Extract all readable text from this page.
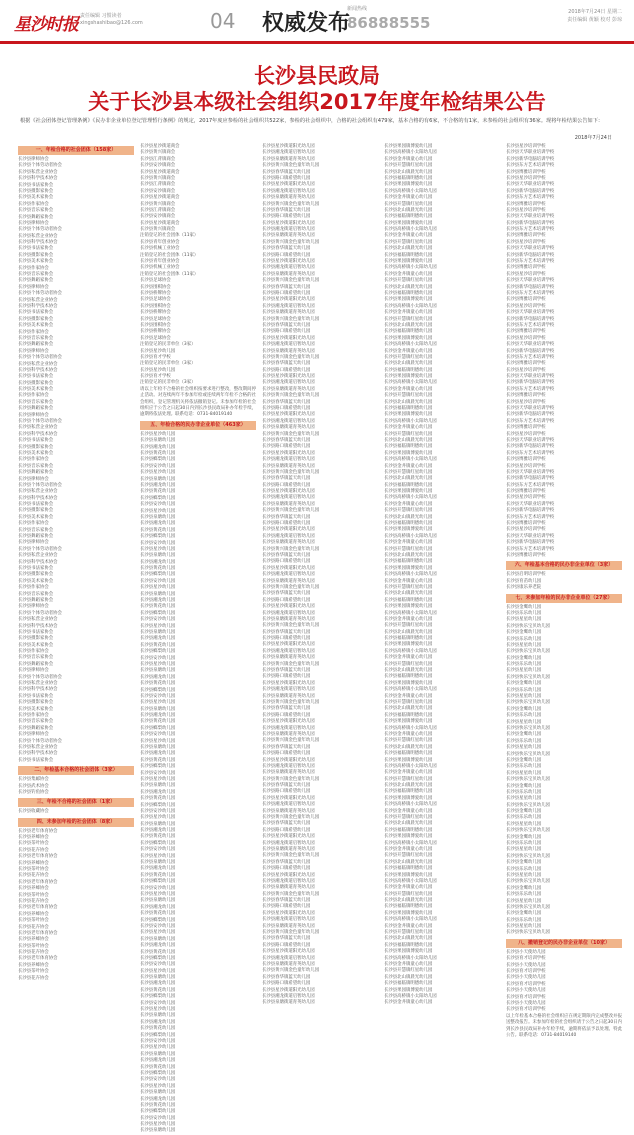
星沙时报 责任编辑 习惯读者
xingshashibao@126.com	04 权威发布
新闻热线
86888555
2018年7月24日 星期二
责任编辑 黄颖 校对 彭琼
长沙县民政局
关于长沙县本级社会组织2017年度年检结果公告
根据《社会团体登记管理条例》《民办非企业单位登记管理暂行条例》的规定，2017年度应参检的社会组织共522家，参检的社会组织中，合格的社会组织有479家，基本合格的有6家，不合格的有1家，未参检的社会组织有36家。现将年检结果公告如下：
2018年7月24日
一、年检合格的社会团体（158家）
长沙县律师协会
长沙县个体劳动者协会
长沙县私营企业协会
长沙县科学技术协会
长沙县书法家协会
长沙县摄影家协会
长沙县美术家协会
长沙县作家协会
长沙县音乐家协会
长沙县舞蹈家协会
长沙县律师协会
长沙县个体劳动者协会
长沙县私营企业协会
长沙县科学技术协会
长沙县书法家协会
长沙县摄影家协会
长沙县美术家协会
长沙县作家协会
长沙县音乐家协会
长沙县舞蹈家协会
长沙县律师协会
长沙县个体劳动者协会
长沙县私营企业协会
长沙县科学技术协会
长沙县书法家协会
长沙县摄影家协会
长沙县美术家协会
长沙县作家协会
长沙县音乐家协会
长沙县舞蹈家协会
长沙县律师协会
长沙县个体劳动者协会
长沙县私营企业协会
长沙县科学技术协会
长沙县书法家协会
长沙县摄影家协会
长沙县美术家协会
长沙县作家协会
长沙县音乐家协会
长沙县舞蹈家协会
长沙县律师协会
长沙县个体劳动者协会
长沙县私营企业协会
长沙县科学技术协会
长沙县书法家协会
长沙县摄影家协会
长沙县美术家协会
长沙县作家协会
长沙县音乐家协会
长沙县舞蹈家协会
长沙县律师协会
长沙县个体劳动者协会
长沙县私营企业协会
长沙县科学技术协会
长沙县书法家协会
长沙县摄影家协会
长沙县美术家协会
长沙县作家协会
长沙县音乐家协会
长沙县舞蹈家协会
长沙县律师协会
长沙县个体劳动者协会
长沙县私营企业协会
长沙县科学技术协会
长沙县书法家协会
长沙县摄影家协会
长沙县美术家协会
长沙县作家协会
长沙县音乐家协会
长沙县舞蹈家协会
长沙县律师协会
长沙县个体劳动者协会
长沙县私营企业协会
长沙县科学技术协会
长沙县书法家协会
长沙县摄影家协会
长沙县美术家协会
长沙县作家协会
长沙县音乐家协会
长沙县舞蹈家协会
长沙县律师协会
长沙县个体劳动者协会
长沙县私营企业协会
长沙县科学技术协会
长沙县书法家协会
长沙县摄影家协会
长沙县美术家协会
长沙县作家协会
长沙县音乐家协会
长沙县舞蹈家协会
长沙县律师协会
长沙县个体劳动者协会
长沙县私营企业协会
长沙县科学技术协会
长沙县书法家协会
二、年检基本合格的社会团体（3家）
长沙县集邮协会
长沙县武术协会
长沙县钓鱼协会
三、年检不合格的社会团体（1家）
长沙县收藏协会
四、未参加年检的社会团体（8家）
长沙县老年体育协会
长沙县养蜂协会
长沙县茶叶协会
长沙县花卉协会
长沙县老年体育协会
长沙县养蜂协会
长沙县茶叶协会
长沙县花卉协会
长沙县老年体育协会
长沙县养蜂协会
长沙县茶叶协会
长沙县花卉协会
长沙县老年体育协会
长沙县养蜂协会
长沙县茶叶协会
长沙县花卉协会
长沙县老年体育协会
长沙县养蜂协会
长沙县茶叶协会
长沙县花卉协会
长沙县老年体育协会
长沙县养蜂协会
长沙县茶叶协会
长沙县花卉协会
长沙县星沙街道商会
长沙县黄兴镇商会
长沙县江背镇商会
长沙县安沙镇商会
长沙县星沙街道商会
长沙县黄兴镇商会
长沙县江背镇商会
长沙县安沙镇商会
长沙县星沙街道商会
长沙县黄兴镇商会
长沙县江背镇商会
长沙县安沙镇商会
长沙县星沙街道商会
长沙县黄兴镇商会
注销登记的社会团体（11家）
长沙县青年创业协会
长沙县机械工业协会
注销登记的社会团体（11家）
长沙县青年创业协会
长沙县机械工业协会
注销登记的社会团体（11家）
长沙县足球协会
长沙县围棋协会
长沙县桥牌协会
长沙县足球协会
长沙县围棋协会
长沙县桥牌协会
长沙县足球协会
长沙县围棋协会
长沙县桥牌协会
长沙县足球协会
注销登记的民非单位（3家）
长沙县星沙幼儿园
长沙县育才学校
注销登记的民非单位（3家）
长沙县星沙幼儿园
长沙县育才学校
注销登记的民非单位（3家）
请以上年检不合格的社会组织按要求进行整改，整改期间停止活动。对连续两年不参加年检或连续两年年检不合格的社会组织，登记管理机关将依法撤销登记。未参加年检的社会组织应于公告之日起30日内到长沙县民政局补办年检手续，逾期将依法处理。联系电话：0731-84019140
五、年检合格的民办非企业单位（463家）
长沙县星沙幼儿园
长沙县泉塘幼儿园
长沙县湘龙幼儿园
长沙县黄花幼儿园
长沙县榔梨幼儿园
长沙县安沙幼儿园
长沙县星沙幼儿园
长沙县泉塘幼儿园
长沙县湘龙幼儿园
长沙县黄花幼儿园
长沙县榔梨幼儿园
长沙县安沙幼儿园
长沙县星沙幼儿园
长沙县泉塘幼儿园
长沙县湘龙幼儿园
长沙县黄花幼儿园
长沙县榔梨幼儿园
长沙县安沙幼儿园
长沙县星沙幼儿园
长沙县泉塘幼儿园
长沙县湘龙幼儿园
长沙县黄花幼儿园
长沙县榔梨幼儿园
长沙县安沙幼儿园
长沙县星沙幼儿园
长沙县泉塘幼儿园
长沙县湘龙幼儿园
长沙县黄花幼儿园
长沙县榔梨幼儿园
长沙县安沙幼儿园
长沙县星沙幼儿园
长沙县泉塘幼儿园
长沙县湘龙幼儿园
长沙县黄花幼儿园
长沙县榔梨幼儿园
长沙县安沙幼儿园
长沙县星沙幼儿园
长沙县泉塘幼儿园
长沙县湘龙幼儿园
长沙县黄花幼儿园
长沙县榔梨幼儿园
长沙县安沙幼儿园
长沙县星沙幼儿园
长沙县泉塘幼儿园
长沙县湘龙幼儿园
长沙县黄花幼儿园
长沙县榔梨幼儿园
长沙县安沙幼儿园
长沙县星沙幼儿园
长沙县泉塘幼儿园
长沙县湘龙幼儿园
长沙县黄花幼儿园
长沙县榔梨幼儿园
长沙县安沙幼儿园
长沙县星沙幼儿园
长沙县泉塘幼儿园
长沙县湘龙幼儿园
长沙县黄花幼儿园
长沙县榔梨幼儿园
长沙县安沙幼儿园
长沙县星沙幼儿园
长沙县泉塘幼儿园
长沙县湘龙幼儿园
长沙县黄花幼儿园
长沙县榔梨幼儿园
长沙县安沙幼儿园
长沙县星沙幼儿园
长沙县泉塘幼儿园
长沙县湘龙幼儿园
长沙县黄花幼儿园
长沙县榔梨幼儿园
长沙县安沙幼儿园
长沙县星沙幼儿园
长沙县泉塘幼儿园
长沙县湘龙幼儿园
长沙县黄花幼儿园
长沙县榔梨幼儿园
长沙县安沙幼儿园
长沙县星沙幼儿园
长沙县泉塘幼儿园
长沙县湘龙幼儿园
长沙县黄花幼儿园
长沙县榔梨幼儿园
长沙县安沙幼儿园
长沙县星沙幼儿园
长沙县泉塘幼儿园
长沙县湘龙幼儿园
长沙县黄花幼儿园
长沙县榔梨幼儿园
长沙县安沙幼儿园
长沙县星沙幼儿园
长沙县泉塘幼儿园
长沙县湘龙幼儿园
长沙县黄花幼儿园
长沙县榔梨幼儿园
长沙县安沙幼儿园
长沙县星沙幼儿园
长沙县泉塘幼儿园
长沙县湘龙幼儿园
长沙县黄花幼儿园
长沙县榔梨幼儿园
长沙县安沙幼儿园
长沙县星沙幼儿园
长沙县泉塘幼儿园
长沙县湘龙幼儿园
长沙县黄花幼儿园
长沙县榔梨幼儿园
长沙县安沙幼儿园
长沙县星沙幼儿园
长沙县泉塘幼儿园
长沙县星沙街道阳光幼儿园
长沙县湘龙街道启智幼儿园
长沙县泉塘街道育英幼儿园
长沙县黄兴镇金色童年幼儿园
长沙县春华镇蓝天幼儿园
长沙县路口镇希望幼儿园
长沙县星沙街道阳光幼儿园
长沙县湘龙街道启智幼儿园
长沙县泉塘街道育英幼儿园
长沙县黄兴镇金色童年幼儿园
长沙县春华镇蓝天幼儿园
长沙县路口镇希望幼儿园
长沙县星沙街道阳光幼儿园
长沙县湘龙街道启智幼儿园
长沙县泉塘街道育英幼儿园
长沙县黄兴镇金色童年幼儿园
长沙县春华镇蓝天幼儿园
长沙县路口镇希望幼儿园
长沙县星沙街道阳光幼儿园
长沙县湘龙街道启智幼儿园
长沙县泉塘街道育英幼儿园
长沙县黄兴镇金色童年幼儿园
长沙县春华镇蓝天幼儿园
长沙县路口镇希望幼儿园
长沙县星沙街道阳光幼儿园
长沙县湘龙街道启智幼儿园
长沙县泉塘街道育英幼儿园
长沙县黄兴镇金色童年幼儿园
长沙县春华镇蓝天幼儿园
长沙县路口镇希望幼儿园
长沙县星沙街道阳光幼儿园
长沙县湘龙街道启智幼儿园
长沙县泉塘街道育英幼儿园
长沙县黄兴镇金色童年幼儿园
长沙县春华镇蓝天幼儿园
长沙县路口镇希望幼儿园
长沙县星沙街道阳光幼儿园
长沙县湘龙街道启智幼儿园
长沙县泉塘街道育英幼儿园
长沙县黄兴镇金色童年幼儿园
长沙县春华镇蓝天幼儿园
长沙县路口镇希望幼儿园
长沙县星沙街道阳光幼儿园
长沙县湘龙街道启智幼儿园
长沙县泉塘街道育英幼儿园
长沙县黄兴镇金色童年幼儿园
长沙县春华镇蓝天幼儿园
长沙县路口镇希望幼儿园
长沙县星沙街道阳光幼儿园
长沙县湘龙街道启智幼儿园
长沙县泉塘街道育英幼儿园
长沙县黄兴镇金色童年幼儿园
长沙县春华镇蓝天幼儿园
长沙县路口镇希望幼儿园
长沙县星沙街道阳光幼儿园
长沙县湘龙街道启智幼儿园
长沙县泉塘街道育英幼儿园
长沙县黄兴镇金色童年幼儿园
长沙县春华镇蓝天幼儿园
长沙县路口镇希望幼儿园
长沙县星沙街道阳光幼儿园
长沙县湘龙街道启智幼儿园
长沙县泉塘街道育英幼儿园
长沙县黄兴镇金色童年幼儿园
长沙县春华镇蓝天幼儿园
长沙县路口镇希望幼儿园
长沙县星沙街道阳光幼儿园
长沙县湘龙街道启智幼儿园
长沙县泉塘街道育英幼儿园
长沙县黄兴镇金色童年幼儿园
长沙县春华镇蓝天幼儿园
长沙县路口镇希望幼儿园
长沙县星沙街道阳光幼儿园
长沙县湘龙街道启智幼儿园
长沙县泉塘街道育英幼儿园
长沙县黄兴镇金色童年幼儿园
长沙县春华镇蓝天幼儿园
长沙县路口镇希望幼儿园
长沙县星沙街道阳光幼儿园
长沙县湘龙街道启智幼儿园
长沙县泉塘街道育英幼儿园
长沙县黄兴镇金色童年幼儿园
长沙县春华镇蓝天幼儿园
长沙县路口镇希望幼儿园
长沙县星沙街道阳光幼儿园
长沙县湘龙街道启智幼儿园
长沙县泉塘街道育英幼儿园
长沙县黄兴镇金色童年幼儿园
长沙县春华镇蓝天幼儿园
长沙县路口镇希望幼儿园
长沙县星沙街道阳光幼儿园
长沙县湘龙街道启智幼儿园
长沙县泉塘街道育英幼儿园
长沙县黄兴镇金色童年幼儿园
长沙县春华镇蓝天幼儿园
长沙县路口镇希望幼儿园
长沙县星沙街道阳光幼儿园
长沙县湘龙街道启智幼儿园
长沙县泉塘街道育英幼儿园
长沙县黄兴镇金色童年幼儿园
长沙县春华镇蓝天幼儿园
长沙县路口镇希望幼儿园
长沙县星沙街道阳光幼儿园
长沙县湘龙街道启智幼儿园
长沙县泉塘街道育英幼儿园
长沙县黄兴镇金色童年幼儿园
长沙县春华镇蓝天幼儿园
长沙县路口镇希望幼儿园
长沙县星沙街道阳光幼儿园
长沙县湘龙街道启智幼儿园
长沙县泉塘街道育英幼儿园
长沙县黄兴镇金色童年幼儿园
长沙县春华镇蓝天幼儿园
长沙县路口镇希望幼儿园
长沙县星沙街道阳光幼儿园
长沙县湘龙街道启智幼儿园
长沙县泉塘街道育英幼儿园
长沙县黄兴镇金色童年幼儿园
长沙县春华镇蓝天幼儿园
长沙县路口镇希望幼儿园
长沙县星沙街道阳光幼儿园
长沙县湘龙街道启智幼儿园
长沙县泉塘街道育英幼儿园
长沙县黄兴镇金色童年幼儿园
长沙县春华镇蓝天幼儿园
长沙县路口镇希望幼儿园
长沙县星沙街道阳光幼儿园
长沙县湘龙街道启智幼儿园
长沙县泉塘街道育英幼儿园
长沙县黄兴镇金色童年幼儿园
长沙县春华镇蓝天幼儿园
长沙县路口镇希望幼儿园
长沙县星沙街道阳光幼儿园
长沙县湘龙街道启智幼儿园
长沙县泉塘街道育英幼儿园
长沙县果园镇博爱幼儿园
长沙县高桥镇小太阳幼儿园
长沙县金井镇童心幼儿园
长沙县开慧镇红星幼儿园
长沙县北山镇晨光幼儿园
长沙县福临镇明德幼儿园
长沙县果园镇博爱幼儿园
长沙县高桥镇小太阳幼儿园
长沙县金井镇童心幼儿园
长沙县开慧镇红星幼儿园
长沙县北山镇晨光幼儿园
长沙县福临镇明德幼儿园
长沙县果园镇博爱幼儿园
长沙县高桥镇小太阳幼儿园
长沙县金井镇童心幼儿园
长沙县开慧镇红星幼儿园
长沙县北山镇晨光幼儿园
长沙县福临镇明德幼儿园
长沙县果园镇博爱幼儿园
长沙县高桥镇小太阳幼儿园
长沙县金井镇童心幼儿园
长沙县开慧镇红星幼儿园
长沙县北山镇晨光幼儿园
长沙县福临镇明德幼儿园
长沙县果园镇博爱幼儿园
长沙县高桥镇小太阳幼儿园
长沙县金井镇童心幼儿园
长沙县开慧镇红星幼儿园
长沙县北山镇晨光幼儿园
长沙县福临镇明德幼儿园
长沙县果园镇博爱幼儿园
长沙县高桥镇小太阳幼儿园
长沙县金井镇童心幼儿园
长沙县开慧镇红星幼儿园
长沙县北山镇晨光幼儿园
长沙县福临镇明德幼儿园
长沙县果园镇博爱幼儿园
长沙县高桥镇小太阳幼儿园
长沙县金井镇童心幼儿园
长沙县开慧镇红星幼儿园
长沙县北山镇晨光幼儿园
长沙县福临镇明德幼儿园
长沙县果园镇博爱幼儿园
长沙县高桥镇小太阳幼儿园
长沙县金井镇童心幼儿园
长沙县开慧镇红星幼儿园
长沙县北山镇晨光幼儿园
长沙县福临镇明德幼儿园
长沙县果园镇博爱幼儿园
长沙县高桥镇小太阳幼儿园
长沙县金井镇童心幼儿园
长沙县开慧镇红星幼儿园
长沙县北山镇晨光幼儿园
长沙县福临镇明德幼儿园
长沙县果园镇博爱幼儿园
长沙县高桥镇小太阳幼儿园
长沙县金井镇童心幼儿园
长沙县开慧镇红星幼儿园
长沙县北山镇晨光幼儿园
长沙县福临镇明德幼儿园
长沙县果园镇博爱幼儿园
长沙县高桥镇小太阳幼儿园
长沙县金井镇童心幼儿园
长沙县开慧镇红星幼儿园
长沙县北山镇晨光幼儿园
长沙县福临镇明德幼儿园
长沙县果园镇博爱幼儿园
长沙县高桥镇小太阳幼儿园
长沙县金井镇童心幼儿园
长沙县开慧镇红星幼儿园
长沙县北山镇晨光幼儿园
长沙县福临镇明德幼儿园
长沙县果园镇博爱幼儿园
长沙县高桥镇小太阳幼儿园
长沙县金井镇童心幼儿园
长沙县开慧镇红星幼儿园
长沙县北山镇晨光幼儿园
长沙县福临镇明德幼儿园
长沙县果园镇博爱幼儿园
长沙县高桥镇小太阳幼儿园
长沙县金井镇童心幼儿园
长沙县开慧镇红星幼儿园
长沙县北山镇晨光幼儿园
长沙县福临镇明德幼儿园
长沙县果园镇博爱幼儿园
长沙县高桥镇小太阳幼儿园
长沙县金井镇童心幼儿园
长沙县开慧镇红星幼儿园
长沙县北山镇晨光幼儿园
长沙县福临镇明德幼儿园
长沙县果园镇博爱幼儿园
长沙县高桥镇小太阳幼儿园
长沙县金井镇童心幼儿园
长沙县开慧镇红星幼儿园
长沙县北山镇晨光幼儿园
长沙县福临镇明德幼儿园
长沙县果园镇博爱幼儿园
长沙县高桥镇小太阳幼儿园
长沙县金井镇童心幼儿园
长沙县开慧镇红星幼儿园
长沙县北山镇晨光幼儿园
长沙县福临镇明德幼儿园
长沙县果园镇博爱幼儿园
长沙县高桥镇小太阳幼儿园
长沙县金井镇童心幼儿园
长沙县开慧镇红星幼儿园
长沙县北山镇晨光幼儿园
长沙县福临镇明德幼儿园
长沙县果园镇博爱幼儿园
长沙县高桥镇小太阳幼儿园
长沙县金井镇童心幼儿园
长沙县开慧镇红星幼儿园
长沙县北山镇晨光幼儿园
长沙县福临镇明德幼儿园
长沙县果园镇博爱幼儿园
长沙县高桥镇小太阳幼儿园
长沙县金井镇童心幼儿园
长沙县开慧镇红星幼儿园
长沙县北山镇晨光幼儿园
长沙县福临镇明德幼儿园
长沙县果园镇博爱幼儿园
长沙县高桥镇小太阳幼儿园
长沙县金井镇童心幼儿园
长沙县开慧镇红星幼儿园
长沙县北山镇晨光幼儿园
长沙县福临镇明德幼儿园
长沙县果园镇博爱幼儿园
长沙县高桥镇小太阳幼儿园
长沙县金井镇童心幼儿园
长沙县开慧镇红星幼儿园
长沙县北山镇晨光幼儿园
长沙县福临镇明德幼儿园
长沙县果园镇博爱幼儿园
长沙县高桥镇小太阳幼儿园
长沙县金井镇童心幼儿园
长沙县星沙培训学校
长沙县天华职业培训学校
长沙县新华电脑培训学校
长沙县东方艺术培训学校
长沙县博雅培训学校
长沙县星沙培训学校
长沙县天华职业培训学校
长沙县新华电脑培训学校
长沙县东方艺术培训学校
长沙县博雅培训学校
长沙县星沙培训学校
长沙县天华职业培训学校
长沙县新华电脑培训学校
长沙县东方艺术培训学校
长沙县博雅培训学校
长沙县星沙培训学校
长沙县天华职业培训学校
长沙县新华电脑培训学校
长沙县东方艺术培训学校
长沙县博雅培训学校
长沙县星沙培训学校
长沙县天华职业培训学校
长沙县新华电脑培训学校
长沙县东方艺术培训学校
长沙县博雅培训学校
长沙县星沙培训学校
长沙县天华职业培训学校
长沙县新华电脑培训学校
长沙县东方艺术培训学校
长沙县博雅培训学校
长沙县星沙培训学校
长沙县天华职业培训学校
长沙县新华电脑培训学校
长沙县东方艺术培训学校
长沙县博雅培训学校
长沙县星沙培训学校
长沙县天华职业培训学校
长沙县新华电脑培训学校
长沙县东方艺术培训学校
长沙县博雅培训学校
长沙县星沙培训学校
长沙县天华职业培训学校
长沙县新华电脑培训学校
长沙县东方艺术培训学校
长沙县博雅培训学校
长沙县星沙培训学校
长沙县天华职业培训学校
长沙县新华电脑培训学校
长沙县东方艺术培训学校
长沙县博雅培训学校
长沙县星沙培训学校
长沙县天华职业培训学校
长沙县新华电脑培训学校
长沙县东方艺术培训学校
长沙县博雅培训学校
长沙县星沙培训学校
长沙县天华职业培训学校
长沙县新华电脑培训学校
长沙县东方艺术培训学校
长沙县博雅培训学校
长沙县星沙培训学校
长沙县天华职业培训学校
长沙县新华电脑培训学校
长沙县东方艺术培训学校
长沙县博雅培训学校
六、年检基本合格的民办非企业单位（3家）
长沙县启明培训学校
长沙县育苗幼儿园
长沙县康乐养老院
七、未参加年检的民办非企业单位（27家）
长沙县金鹰幼儿园
长沙县乐乐幼儿园
长沙县星星幼儿园
长沙县快乐宝贝幼儿园
长沙县金鹰幼儿园
长沙县乐乐幼儿园
长沙县星星幼儿园
长沙县快乐宝贝幼儿园
长沙县金鹰幼儿园
长沙县乐乐幼儿园
长沙县星星幼儿园
长沙县快乐宝贝幼儿园
长沙县金鹰幼儿园
长沙县乐乐幼儿园
长沙县星星幼儿园
长沙县快乐宝贝幼儿园
长沙县金鹰幼儿园
长沙县乐乐幼儿园
长沙县星星幼儿园
长沙县快乐宝贝幼儿园
长沙县金鹰幼儿园
长沙县乐乐幼儿园
长沙县星星幼儿园
长沙县快乐宝贝幼儿园
长沙县金鹰幼儿园
长沙县乐乐幼儿园
长沙县星星幼儿园
长沙县快乐宝贝幼儿园
长沙县金鹰幼儿园
长沙县乐乐幼儿园
长沙县星星幼儿园
长沙县快乐宝贝幼儿园
长沙县金鹰幼儿园
长沙县乐乐幼儿园
长沙县星星幼儿园
长沙县快乐宝贝幼儿园
长沙县金鹰幼儿园
长沙县乐乐幼儿园
长沙县星星幼儿园
长沙县快乐宝贝幼儿园
长沙县金鹰幼儿园
长沙县乐乐幼儿园
长沙县星星幼儿园
长沙县快乐宝贝幼儿园
长沙县金鹰幼儿园
长沙县乐乐幼儿园
长沙县星星幼儿园
长沙县快乐宝贝幼儿园
长沙县金鹰幼儿园
长沙县乐乐幼儿园
长沙县星星幼儿园
长沙县快乐宝贝幼儿园
八、撤销登记的民办非企业单位（10家）
长沙县小天使幼儿园
长沙县育才培训学校
长沙县小天使幼儿园
长沙县育才培训学校
长沙县小天使幼儿园
长沙县育才培训学校
长沙县小天使幼儿园
长沙县育才培训学校
长沙县小天使幼儿园
长沙县育才培训学校
以上年检基本合格的社会组织应在规定期限内完成整改并报送整改报告。未参加年检的社会组织请于公告之日起30日内到长沙县民政局补办年检手续，逾期将依法予以处理。特此公告。联系电话：0731-84019140
